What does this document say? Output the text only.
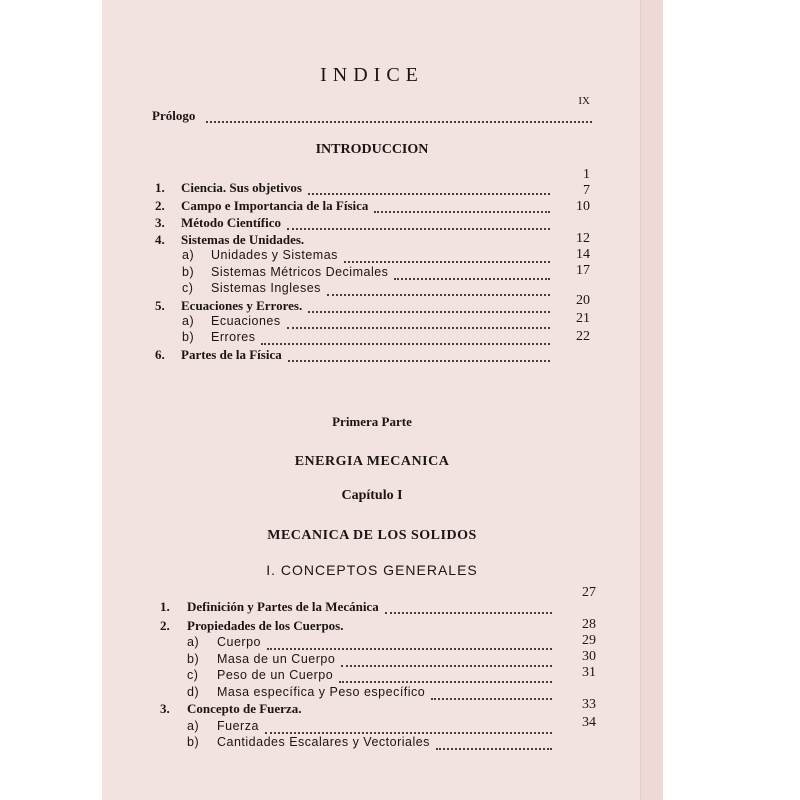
INDICE
Prólogo
IX
INTRODUCCION
1. Ciencia. Sus objetivos
2. Campo e Importancia de la Física
3. Método Científico
4. Sistemas de Unidades.
a) Unidades y Sistemas
b) Sistemas Métricos Decimales
c) Sistemas Ingleses
5. Ecuaciones y Errores.
a) Ecuaciones
b) Errores
6. Partes de la Física
1
7
10
12
14
17
20
21
22
Primera Parte
ENERGIA MECANICA
Capítulo I
MECANICA DE LOS SOLIDOS
I. CONCEPTOS GENERALES
1. Definición y Partes de la Mecánica
2. Propiedades de los Cuerpos.
a) Cuerpo
b) Masa de un Cuerpo
c) Peso de un Cuerpo
d) Masa específica y Peso específico
3. Concepto de Fuerza.
a) Fuerza
b) Cantidades Escalares y Vectoriales
27
28
29
30
31
33
34
